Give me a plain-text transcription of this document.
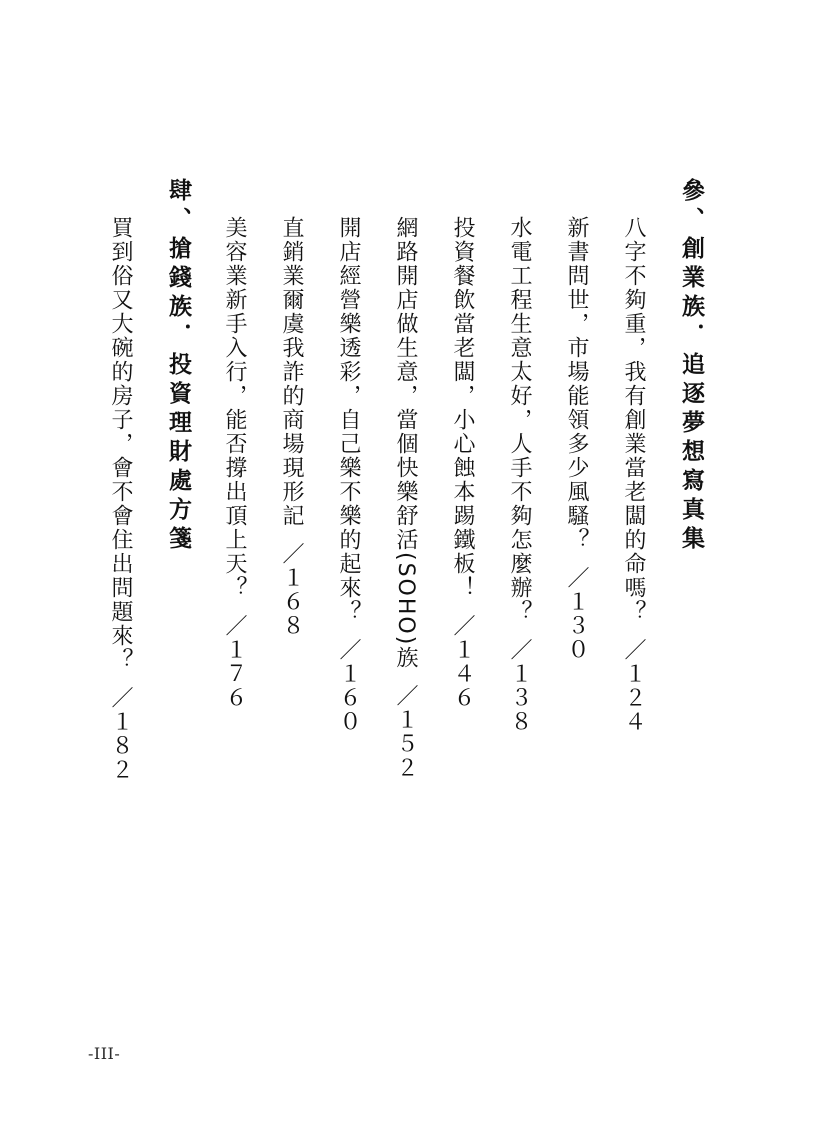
參、創業族．追逐夢想寫真集
八字不夠重，我有創業當老闆的命嗎？／１２４
新書問世，市場能領多少風騷？／１３０
水電工程生意太好，人手不夠怎麼辦？／１３８
投資餐飲當老闆，小心蝕本踢鐵板！／１４６
網路開店做生意，當個快樂舒活(SOHO)族／１５２
開店經營樂透彩，自己樂不樂的起來？／１６０
直銷業爾虞我詐的商場現形記／１６８
美容業新手入行，能否撐出頂上天？／１７６
肆、搶錢族．投資理財處方箋
買到俗又大碗的房子，會不會住出問題來？／１８２
-III-
